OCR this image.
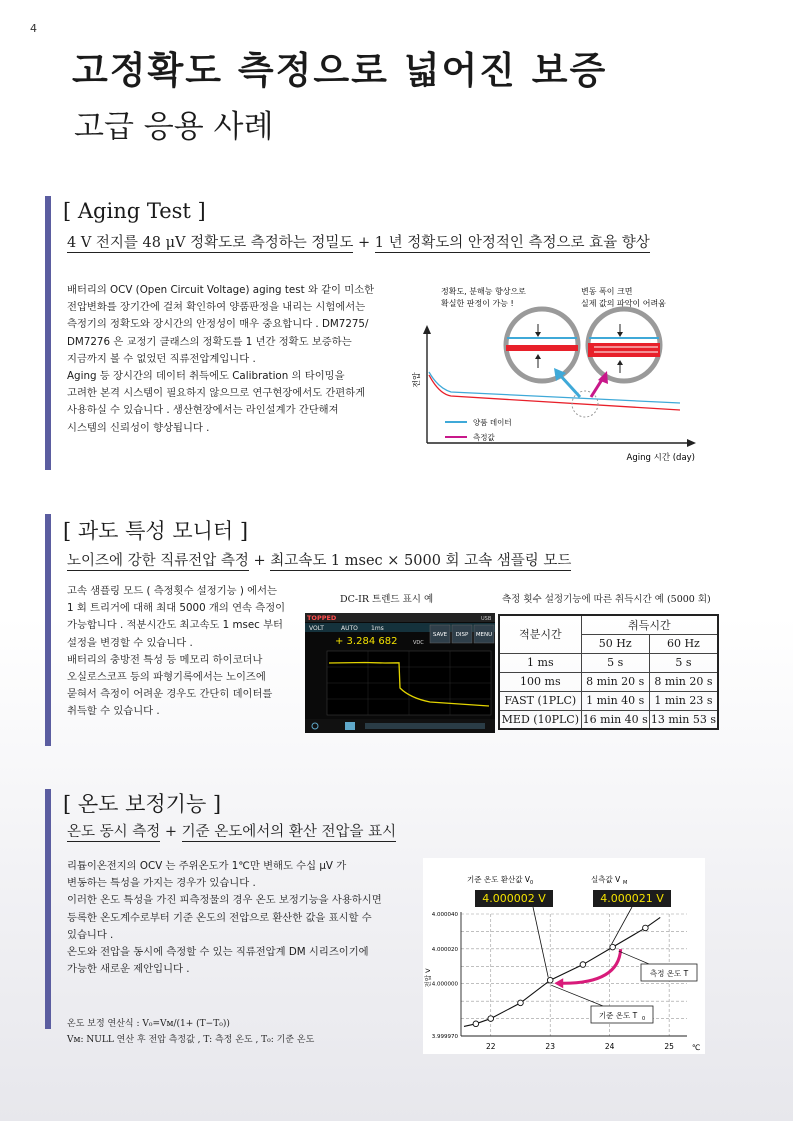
4
고정확도 측정으로 넓어진 보증
고급 응용 사례
[ Aging Test ]
4 V 전지를 48 μV 정확도로 측정하는 정밀도 + 1 년 정확도의 안정적인 측정으로 효율 향상
배터리의 OCV (Open Circuit Voltage) aging test 와 같이 미소한
전압변화를 장기간에 걸쳐 확인하여 양품판정을 내리는 시험에서는
측정기의 정확도와 장시간의 안정성이 매우 중요합니다 . DM7275/
DM7276 은 교정기 클래스의 정확도를 1 년간 정확도 보증하는
지금까지 볼 수 없었던 직류전압계입니다 .
Aging 등 장시간의 데이터 취득에도 Calibration 의 타이밍을
고려한 본격 시스템이 필요하지 않으므로 연구현장에서도 간편하게
사용하실 수 있습니다 . 생산현장에서는 라인설계가 간단해져
시스템의 신뢰성이 향상됩니다 .
정확도, 분해능 향상으로
확실한 판정이 가능 !
변동 폭이 크면
실제 값의 파악이 어려움
전압
Aging 시간 (day)
양품 데이터
측정값
[ 과도 특성 모니터 ]
노이즈에 강한 직류전압 측정 + 최고속도 1 msec × 5000 회 고속 샘플링 모드
고속 샘플링 모드 ( 측정횟수 설정기능 ) 에서는
1 회 트리거에 대해 최대 5000 개의 연속 측정이
가능합니다 . 적분시간도 최고속도 1 msec 부터
설정을 변경할 수 있습니다 .
배터리의 충방전 특성 등 메모리 하이코더나
오실로스코프 등의 파형기록에서는 노이즈에
묻혀서 측정이 어려운 경우도 간단히 데이터를
취득할 수 있습니다 .
DC-IR 트렌드 표시 예	측정 횟수 설정기능에 따른 취득시간 예 (5000 회)
TOPPED	USB
VOLT	AUTO 1ms
+ 3.284 682	VDC
SAVE DISP MENU 적분시간	취득시간	
	50 Hz	60 Hz
1 ms	5 s	5 s
100 ms	8 min 20 s	8 min 20 s
FAST (1PLC)	1 min 40 s	1 min 23 s
MED (10PLC)	16 min 40 s	13 min 53 s
[ 온도 보정기능 ]
온도 동시 측정 + 기준 온도에서의 환산 전압을 표시
리튬이온전지의 OCV 는 주위온도가 1℃만 변해도 수십 μV 가
변동하는 특성을 가지는 경우가 있습니다 .
이러한 온도 특성을 가진 피측정물의 경우 온도 보정기능을 사용하시면
등록한 온도계수로부터 기준 온도의 전압으로 환산한 값을 표시할 수
있습니다 .
온도와 전압을 동시에 측정할 수 있는 직류전압계 DM 시리즈이기에
가능한 새로운 제안입니다 .
온도 보정 연산식 : V₀=Vᴍ/(1+ (T−T₀))
Vᴍ: NULL 연산 후 전압 측정값 , T: 측정 온도 , T₀: 기준 온도
기준 온도 환산값 V 0	실측값 V M
4.000002 V	4.000021 V
22	23	24	25
4.000040
4.000020
4.000000
3.999970
전압 V
℃
측정 온도 T
기준 온도 T 0
